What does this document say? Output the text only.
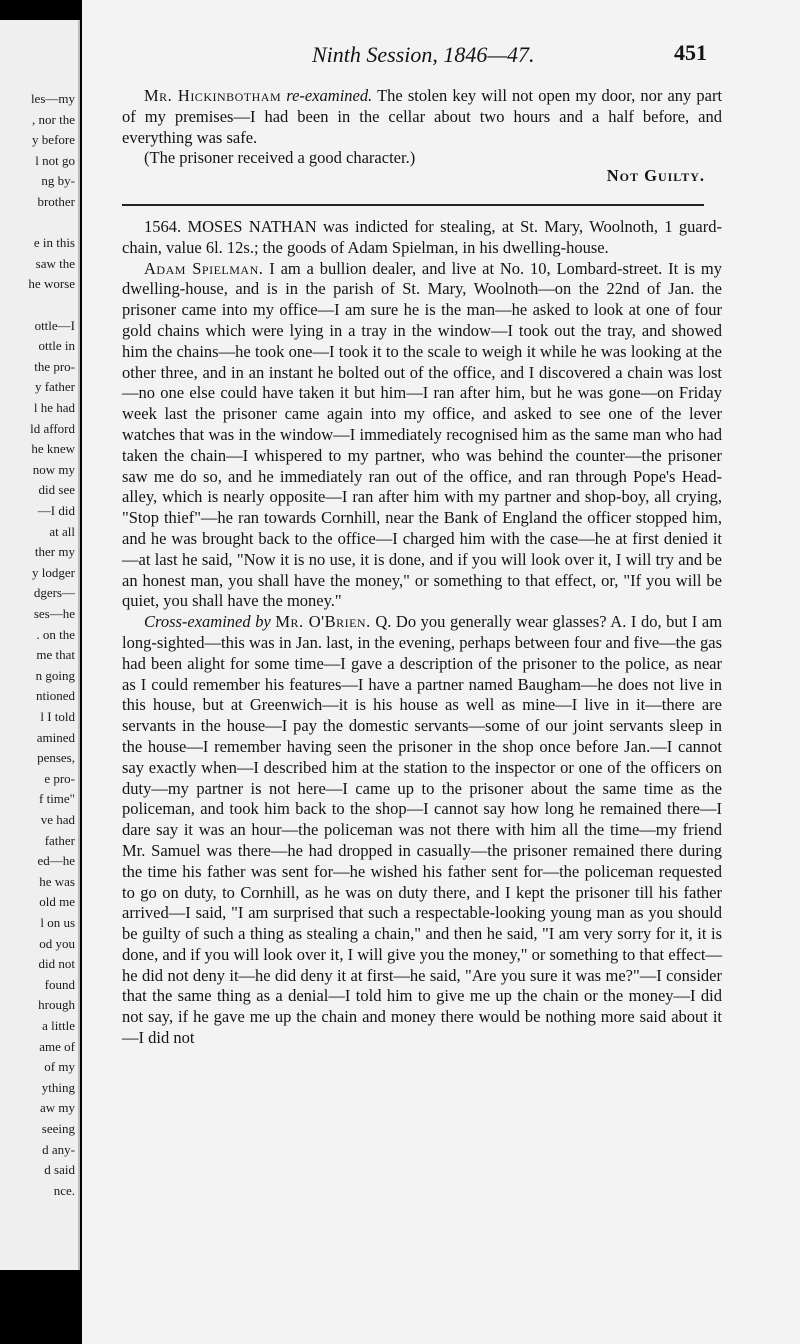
les—my
, nor the
y before
l not go
ng by-
brother
e in this
saw the
he worse
ottle—I
ottle in
the pro-
y father
l he had
ld afford
he knew
now my
did see
—I did
at all
ther my
y lodger
dgers—
ses—he
. on the
me that
n going
ntioned
l I told
amined
penses,
e pro-
f time"
ve had
father
ed—he
he was
old me
l on us
od you
did not
found
hrough
a little
ame of
of my
ything
aw my
seeing
d any-
d said
nce.
Ninth Session, 1846—47.	451

Mr. Hickinbotham re-examined. The stolen key will not open my door, nor any part of my premises—I had been in the cellar about two hours and a half before, and everything was safe.

(The prisoner received a good character.)

Not Guilty.

1564. MOSES NATHAN was indicted for stealing, at St. Mary, Woolnoth, 1 guard-chain, value 6l. 12s.; the goods of Adam Spielman, in his dwelling-house.

Adam Spielman. I am a bullion dealer, and live at No. 10, Lombard-street. It is my dwelling-house, and is in the parish of St. Mary, Woolnoth—on the 22nd of Jan. the prisoner came into my office—I am sure he is the man—he asked to look at one of four gold chains which were lying in a tray in the window—I took out the tray, and showed him the chains—he took one—I took it to the scale to weigh it while he was looking at the other three, and in an instant he bolted out of the office, and I discovered a chain was lost—no one else could have taken it but him—I ran after him, but he was gone—on Friday week last the prisoner came again into my office, and asked to see one of the lever watches that was in the window—I immediately recognised him as the same man who had taken the chain—I whispered to my partner, who was behind the counter—the prisoner saw me do so, and he immediately ran out of the office, and ran through Pope's Head-alley, which is nearly opposite—I ran after him with my partner and shop-boy, all crying, "Stop thief"—he ran towards Cornhill, near the Bank of England the officer stopped him, and he was brought back to the office—I charged him with the case—he at first denied it—at last he said, "Now it is no use, it is done, and if you will look over it, I will try and be an honest man, you shall have the money," or something to that effect, or, "If you will be quiet, you shall have the money."

Cross-examined by Mr. O'Brien. Q. Do you generally wear glasses? A. I do, but I am long-sighted—this was in Jan. last, in the evening, perhaps between four and five—the gas had been alight for some time—I gave a description of the prisoner to the police, as near as I could remember his features—I have a partner named Baugham—he does not live in this house, but at Greenwich—it is his house as well as mine—I live in it—there are servants in the house—I pay the domestic servants—some of our joint servants sleep in the house—I remember having seen the prisoner in the shop once before Jan.—I cannot say exactly when—I described him at the station to the inspector or one of the officers on duty—my partner is not here—I came up to the prisoner about the same time as the policeman, and took him back to the shop—I cannot say how long he remained there—I dare say it was an hour—the policeman was not there with him all the time—my friend Mr. Samuel was there—he had dropped in casually—the prisoner remained there during the time his father was sent for—he wished his father sent for—the policeman requested to go on duty, to Cornhill, as he was on duty there, and I kept the prisoner till his father arrived—I said, "I am surprised that such a respectable-looking young man as you should be guilty of such a thing as stealing a chain," and then he said, "I am very sorry for it, it is done, and if you will look over it, I will give you the money," or something to that effect—he did not deny it—he did deny it at first—he said, "Are you sure it was me?"—I consider that the same thing as a denial—I told him to give me up the chain or the money—I did not say, if he gave me up the chain and money there would be nothing more said about it—I did not
